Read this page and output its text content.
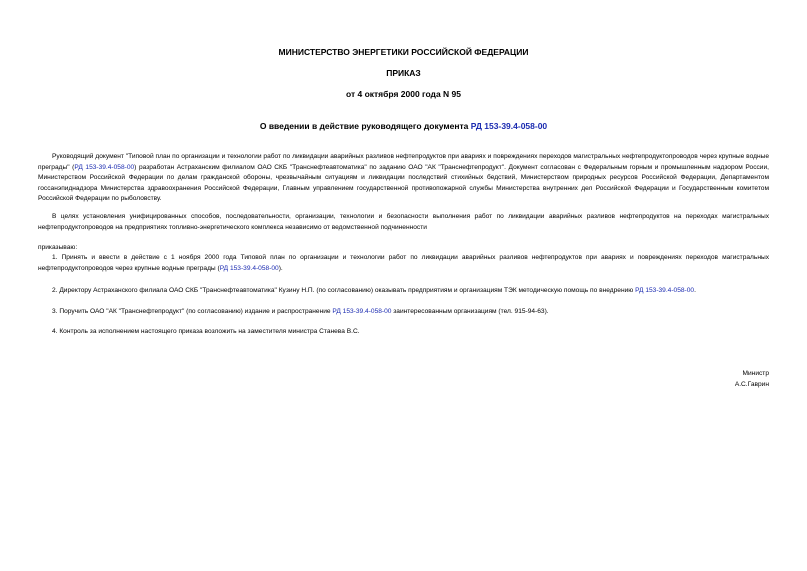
МИНИСТЕРСТВО ЭНЕРГЕТИКИ РОССИЙСКОЙ ФЕДЕРАЦИИ
ПРИКАЗ
от 4 октября 2000 года N 95
О введении в действие руководящего документа РД 153-39.4-058-00
Руководящий документ "Типовой план по организации и технологии работ по ликвидации аварийных разливов нефтепродуктов при авариях и повреждениях переходов магистральных нефтепродуктопроводов через крупные водные преграды" (РД 153-39.4-058-00) разработан Астраханским филиалом ОАО СКБ "Транснефтеавтоматика" по заданию ОАО "АК "Транснефтепродукт". Документ согласован с Федеральным горным и промышленным надзором России, Министерством Российской Федерации по делам гражданской обороны, чрезвычайным ситуациям и ликвидации последствий стихийных бедствий, Министерством природных ресурсов Российской Федерации, Департаментом госсанэпиднадзора Министерства здравоохранения Российской Федерации, Главным управлением государственной противопожарной службы Министерства внутренних дел Российской Федерации и Государственным комитетом Российской Федерации по рыболовству.
В целях установления унифицированных способов, последовательности, организации, технологии и безопасности выполнения работ по ликвидации аварийных разливов нефтепродуктов на переходах магистральных нефтепродуктопроводов на предприятиях топливно-энергетического комплекса независимо от ведомственной подчиненности
приказываю:
1. Принять и ввести в действие с 1 ноября 2000 года Типовой план по организации и технологии работ по ликвидации аварийных разливов нефтепродуктов при авариях и повреждениях переходов магистральных нефтепродуктопроводов через крупные водные преграды (РД 153-39.4-058-00).
2. Директору Астраханского филиала ОАО СКБ "Транснефтеавтоматика" Кузину Н.П. (по согласованию) оказывать предприятиям и организациям ТЭК методическую помощь по внедрению РД 153-39.4-058-00.
3. Поручить ОАО "АК "Транснефтепродукт" (по согласованию) издание и распространение РД 153-39.4-058-00 заинтересованным организациям (тел. 915-94-63).
4. Контроль за исполнением настоящего приказа возложить на заместителя министра Станева В.С.
Министр
А.С.Гаврин
